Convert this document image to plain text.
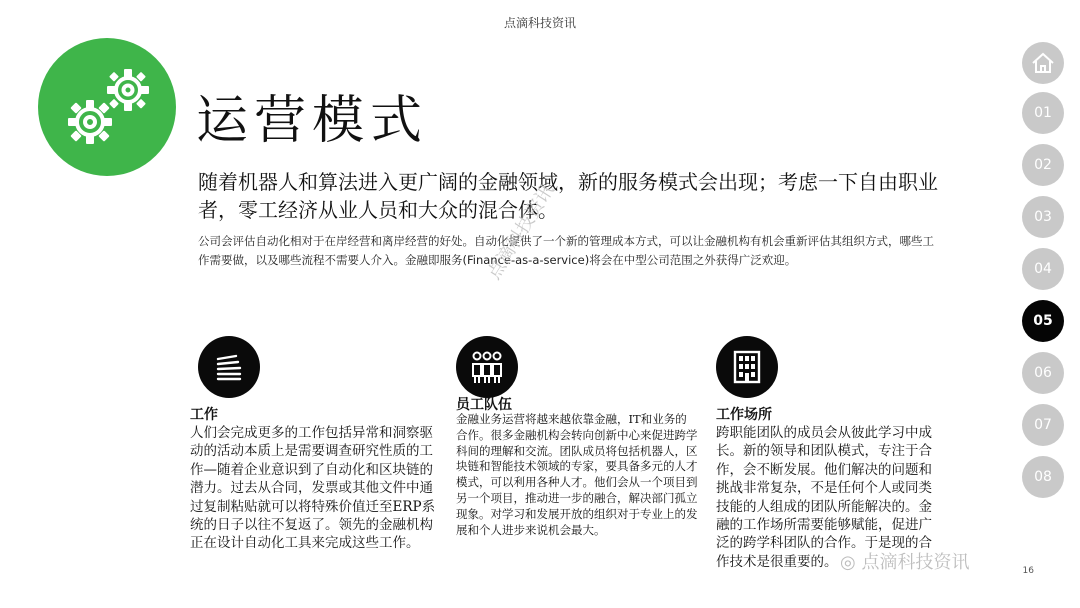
点滴科技资讯
运营模式
随着机器人和算法进入更广阔的金融领域，新的服务模式会出现；考虑一下自由职业者，零工经济从业人员和大众的混合体。
公司会评估自动化相对于在岸经营和离岸经营的好处。自动化提供了一个新的管理成本方式，可以让金融机构有机会重新评估其组织方式，哪些工作需要做，以及哪些流程不需要人介入。金融即服务(Finance-as-a-service)将会在中型公司范围之外获得广泛欢迎。
点滴科技资讯
工作
人们会完成更多的工作包括异常和洞察驱动的活动本质上是需要调查研究性质的工作—随着企业意识到了自动化和区块链的潜力。过去从合同，发票或其他文件中通过复制粘贴就可以将特殊价值迁至ERP系统的日子以往不复返了。领先的金融机构正在设计自动化工具来完成这些工作。
员工队伍
金融业务运营将越来越依靠金融，IT和业务的合作。很多金融机构会转向创新中心来促进跨学科间的理解和交流。团队成员将包括机器人，区块链和智能技术领域的专家，要具备多元的人才模式，可以利用各种人才。他们会从一个项目到另一个项目，推动进一步的融合，解决部门孤立现象。对学习和发展开放的组织对于专业上的发展和个人进步来说机会最大。
工作场所
跨职能团队的成员会从彼此学习中成长。新的领导和团队模式，专注于合作，会不断发展。他们解决的问题和挑战非常复杂，不是任何个人或同类技能的人组成的团队所能解决的。金融的工作场所需要能够赋能，促进广泛的跨学科团队的合作。于是现的合作技术是很重要的。
01
02
03
04
05
06
07
08
◎ 点滴科技资讯	16
